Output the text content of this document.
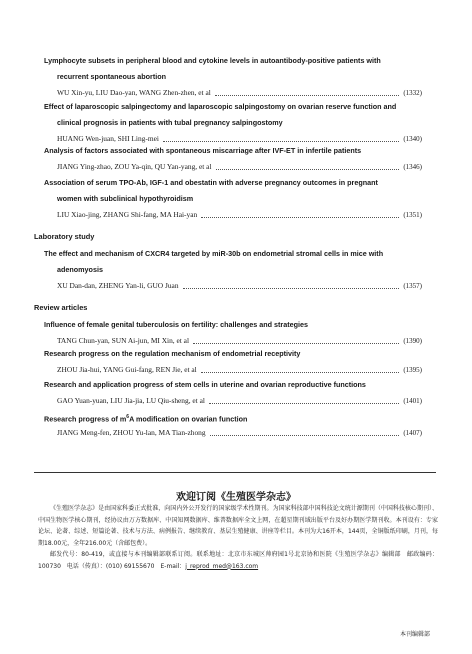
Lymphocyte subsets in peripheral blood and cytokine levels in autoantibody-positive patients with
recurrent spontaneous abortion
WU Xin-yu, LIU Dao-yan, WANG Zhen-zhen, et al	(1332)
Effect of laparoscopic salpingectomy and laparoscopic salpingostomy on ovarian reserve function and
clinical prognosis in patients with tubal pregnancy salpingostomy
HUANG Wen-juan, SHI Ling-mei	(1340)
Analysis of factors associated with spontaneous miscarriage after IVF-ET in infertile patients
JIANG Ying-zhao, ZOU Ya-qin, QU Yan-yang, et al	(1346)
Association of serum TPO-Ab, IGF-1 and obestatin with adverse pregnancy outcomes in pregnant
women with subclinical hypothyroidism
LIU Xiao-jing, ZHANG Shi-fang, MA Hai-yan	(1351)
Laboratory study
The effect and mechanism of CXCR4 targeted by miR-30b on endometrial stromal cells in mice with
adenomyosis
XU Dan-dan, ZHENG Yan-li, GUO Juan	(1357)
Review articles
Influence of female genital tuberculosis on fertility: challenges and strategies
TANG Chun-yan, SUN Ai-jun, MI Xin, et al	(1390)
Research progress on the regulation mechanism of endometrial receptivity
ZHOU Jia-hui, YANG Gui-fang, REN Jie, et al	(1395)
Research and application progress of stem cells in uterine and ovarian reproductive functions
GAO Yuan-yuan, LIU Jia-jia, LU Qiu-sheng, et al	(1401)
Research progress of $m^6A$ modification on ovarian function
JIANG Meng-fen, ZHOU Yu-lan, MA Tian-zhong	(1407)
欢迎订阅《生殖医学杂志》

《生殖医学杂志》是由国家科委正式批准，向国内外公开发行的国家级学术性期刊。为国家科技部中国科技论文统计源期刊（中国科技核心期刊）、中国生物医学核心期刊，经协议由万方数据库、中国知网数据库、维普数据库全文上网，在超星期刊域出版平台及好办期医学期刊收。本刊设有：专家论坛、论著、综述、短篇论著、技术与方法、病例报告、继续教育、基层生殖健康、讲座等栏目。本刊为大16开本，144页，全铜版纸印刷，月刊，每期18.00元，全年216.00元（含邮包费）。

邮发代号：80-419，或直接与本刊编辑部联系订阅。联系地址：北京市东城区帅府园1号北京协和医院《生殖医学杂志》编辑部　邮政编码：100730　电话（传真）：(010) 69155670　E-mail：j_reprod_med@163.com

本刊编辑部
